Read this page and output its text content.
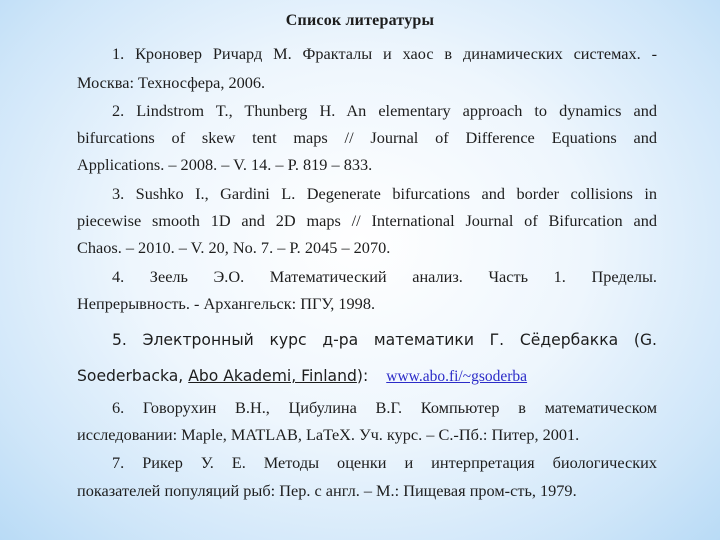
Список литературы
1. Кроновер Ричард М. Фракталы и хаос в динамических системах. -
Москва: Техносфера, 2006.
2. Lindstrom T., Thunberg H. An elementary approach to dynamics and
bifurcations of skew tent maps // Journal of Difference Equations and
Applications. – 2008. – V. 14. – P. 819 – 833.
3. Sushko I., Gardini L. Degenerate bifurcations and border collisions in
piecewise smooth 1D and 2D maps // International Journal of Bifurcation and
Chaos. – 2010. – V. 20, No. 7. – P. 2045 – 2070.
4. Зеель Э.О. Математический анализ. Часть 1. Пределы.
Непрерывность. - Архангельск: ПГУ, 1998.
5. Электронный курс д-ра математики Г. Сёдербакка (G.
Soederbacka, Abo Akademi, Finland): www.abo.fi/~gsoderba
6. Говорухин В.Н., Цибулина В.Г. Компьютер в математическом
исследовании: Maple, MATLAB, LaTeX. Уч. курс. – С.-Пб.: Питер, 2001.
7. Рикер У. Е. Методы оценки и интерпретация биологических
показателей популяций рыб: Пер. с англ. – М.: Пищевая пром-сть, 1979.
